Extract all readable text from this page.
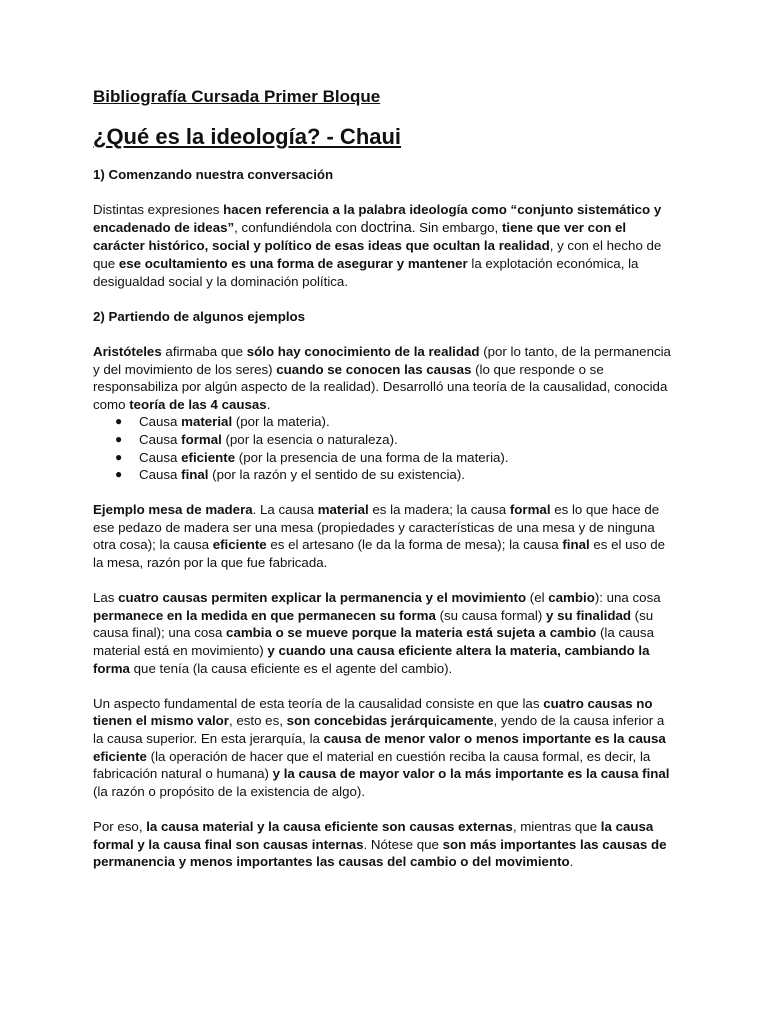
Bibliografía Cursada Primer Bloque
¿Qué es la ideología? - Chaui
1) Comenzando nuestra conversación

Distintas expresiones hacen referencia a la palabra ideología como “conjunto sistemático y encadenado de ideas”, confundiéndola con doctrina. Sin embargo, tiene que ver con el carácter histórico, social y político de esas ideas que ocultan la realidad, y con el hecho de que ese ocultamiento es una forma de asegurar y mantener la explotación económica, la desigualdad social y la dominación política.

2) Partiendo de algunos ejemplos

Aristóteles afirmaba que sólo hay conocimiento de la realidad (por lo tanto, de la permanencia y del movimiento de los seres) cuando se conocen las causas (lo que responde o se responsabiliza por algún aspecto de la realidad). Desarrolló una teoría de la causalidad, conocida como teoría de las 4 causas.

● Causa material (por la materia).
● Causa formal (por la esencia o naturaleza).
● Causa eficiente (por la presencia de una forma de la materia).
● Causa final (por la razón y el sentido de su existencia).

Ejemplo mesa de madera. La causa material es la madera; la causa formal es lo que hace de ese pedazo de madera ser una mesa (propiedades y características de una mesa y de ninguna otra cosa); la causa eficiente es el artesano (le da la forma de mesa); la causa final es el uso de la mesa, razón por la que fue fabricada.

Las cuatro causas permiten explicar la permanencia y el movimiento (el cambio): una cosa permanece en la medida en que permanecen su forma (su causa formal) y su finalidad (su causa final); una cosa cambia o se mueve porque la materia está sujeta a cambio (la causa material está en movimiento) y cuando una causa eficiente altera la materia, cambiando la forma que tenía (la causa eficiente es el agente del cambio).

Un aspecto fundamental de esta teoría de la causalidad consiste en que las cuatro causas no tienen el mismo valor, esto es, son concebidas jerárquicamente, yendo de la causa inferior a la causa superior. En esta jerarquía, la causa de menor valor o menos importante es la causa eficiente (la operación de hacer que el material en cuestión reciba la causa formal, es decir, la fabricación natural o humana) y la causa de mayor valor o la más importante es la causa final (la razón o propósito de la existencia de algo).

Por eso, la causa material y la causa eficiente son causas externas, mientras que la causa formal y la causa final son causas internas. Nótese que son más importantes las causas de permanencia y menos importantes las causas del cambio o del movimiento.
